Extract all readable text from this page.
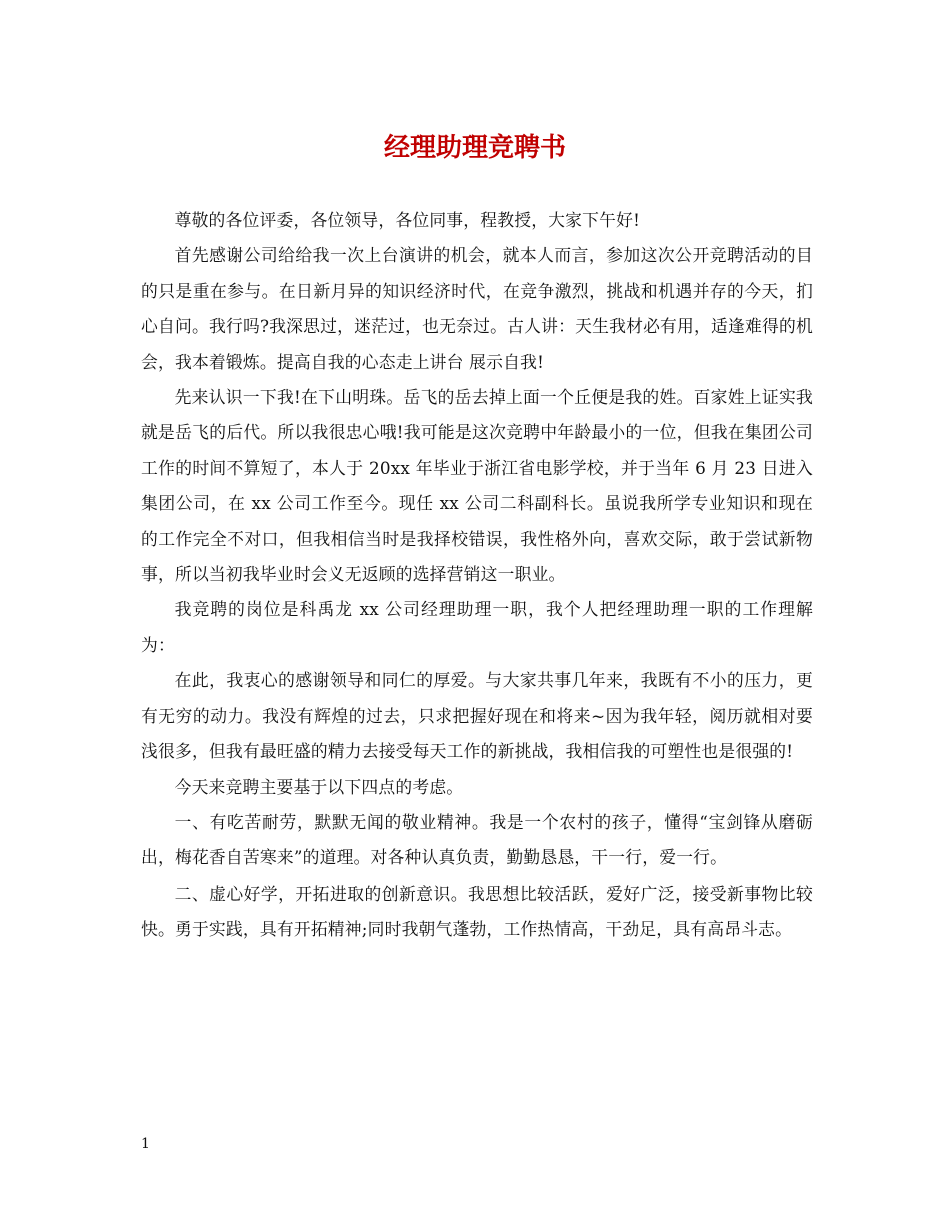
经理助理竞聘书

尊敬的各位评委，各位领导，各位同事，程教授，大家下午好!

首先感谢公司给给我一次上台演讲的机会，就本人而言，参加这次公开竞聘活动的目的只是重在参与。在日新月异的知识经济时代，在竞争激烈，挑战和机遇并存的今天，扪心自问。我行吗?我深思过，迷茫过，也无奈过。古人讲：天生我材必有用，适逢难得的机会，我本着锻炼。提高自我的心态走上讲台 展示自我!

先来认识一下我!在下山明珠。岳飞的岳去掉上面一个丘便是我的姓。百家姓上证实我就是岳飞的后代。所以我很忠心哦!我可能是这次竞聘中年龄最小的一位，但我在集团公司工作的时间不算短了，本人于 20xx 年毕业于浙江省电影学校，并于当年 6 月 23 日进入集团公司，在 xx 公司工作至今。现任 xx 公司二科副科长。虽说我所学专业知识和现在的工作完全不对口，但我相信当时是我择校错误，我性格外向，喜欢交际，敢于尝试新物事，所以当初我毕业时会义无返顾的选择营销这一职业。

我竞聘的岗位是科禹龙 xx 公司经理助理一职，我个人把经理助理一职的工作理解为：

在此，我衷心的感谢领导和同仁的厚爱。与大家共事几年来，我既有不小的压力，更有无穷的动力。我没有辉煌的过去，只求把握好现在和将来~因为我年轻，阅历就相对要浅很多，但我有最旺盛的精力去接受每天工作的新挑战，我相信我的可塑性也是很强的!

今天来竞聘主要基于以下四点的考虑。

一、有吃苦耐劳，默默无闻的敬业精神。我是一个农村的孩子，懂得“宝剑锋从磨砺出，梅花香自苦寒来”的道理。对各种认真负责，勤勤恳恳，干一行，爱一行。

二、虚心好学，开拓进取的创新意识。我思想比较活跃，爱好广泛，接受新事物比较快。勇于实践，具有开拓精神;同时我朝气蓬勃，工作热情高，干劲足，具有高昂斗志。

1
